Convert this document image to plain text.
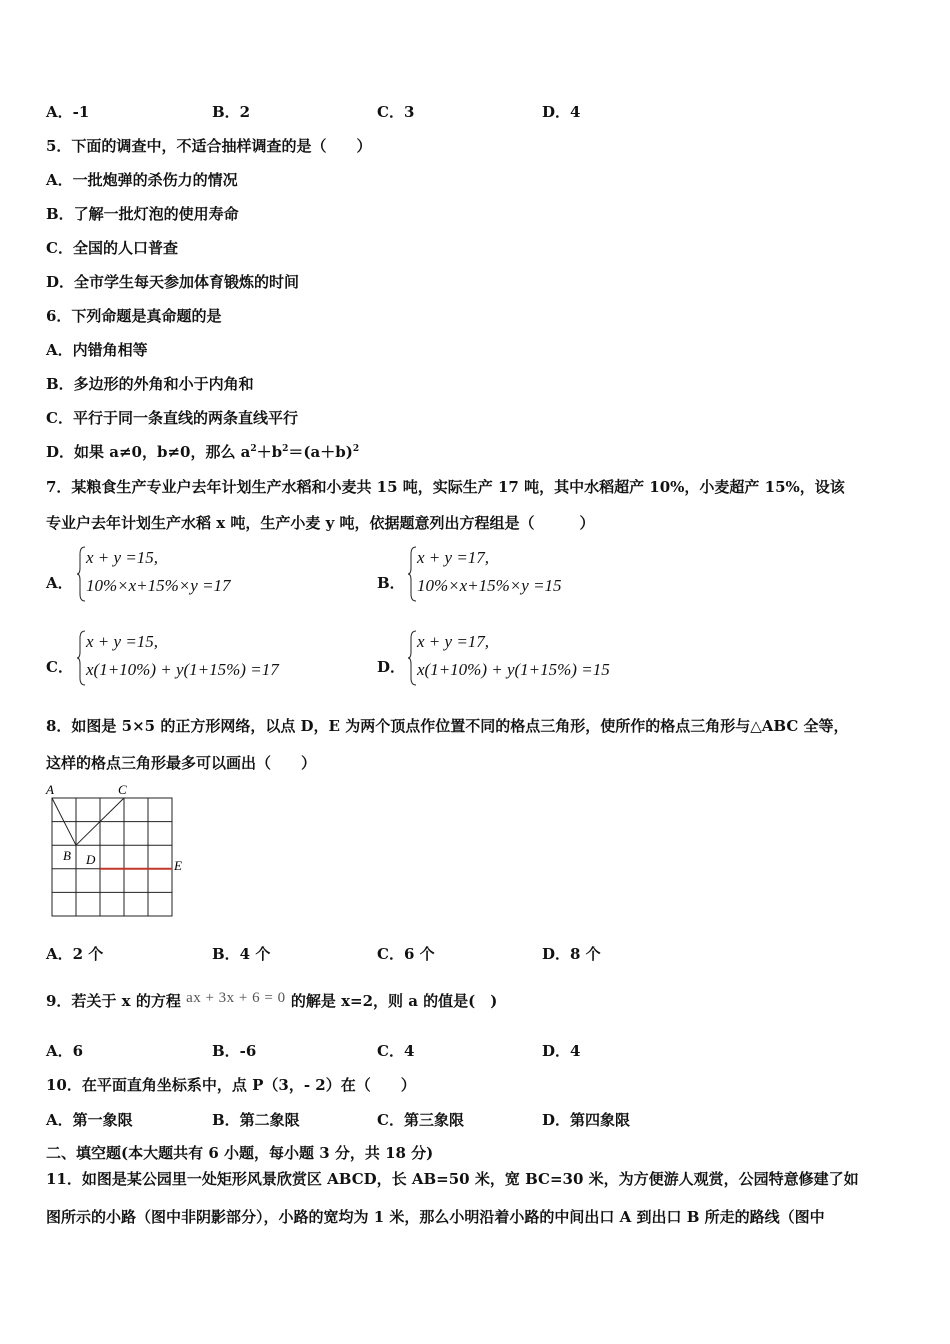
A．-1	B．2	C．3	D．4
5．下面的调查中，不适合抽样调查的是（　　）
A．一批炮弹的杀伤力的情况
B．了解一批灯泡的使用寿命
C．全国的人口普查
D．全市学生每天参加体育锻炼的时间
6．下列命题是真命题的是
A．内错角相等
B．多边形的外角和小于内角和
C．平行于同一条直线的两条直线平行
D．如果 a≠0，b≠0，那么 $a^2+b^2=(a+b)^2$
7．某粮食生产专业户去年计划生产水稻和小麦共 15 吨，实际生产 17 吨，其中水稻超产 10%，小麦超产 15%，设该
专业户去年计划生产水稻 x 吨，生产小麦 y 吨，依据题意列出方程组是（　　　）
A．
x + y =15,
10%×x+15%×y =17	B．
x + y =17,
10%×x+15%×y =15
C．
x + y =15,
x(1+10%) + y(1+15%) =17	D．
x + y =17,
x(1+10%) + y(1+15%) =15
8．如图是 5×5 的正方形网络，以点 D，E 为两个顶点作位置不同的格点三角形，使所作的格点三角形与△ABC 全等，
这样的格点三角形最多可以画出（　　）
A	C
B D	E
A．2 个	B．4 个	C．6 个	D．8 个
9．若关于 x 的方程 ax + 3x + 6 = 0 的解是 x=2，则 a 的值是(　)
A．6	B．-6	C．4	D．4
10．在平面直角坐标系中，点 P（3，- 2）在（　　）
A．第一象限	B．第二象限	C．第三象限	D．第四象限
二、填空题(本大题共有 6 小题，每小题 3 分，共 18 分)
11．如图是某公园里一处矩形风景欣赏区 ABCD，长 AB=50 米，宽 BC=30 米，为方便游人观赏，公园特意修建了如
图所示的小路（图中非阴影部分），小路的宽均为 1 米，那么小明沿着小路的中间出口 A 到出口 B 所走的路线（图中
